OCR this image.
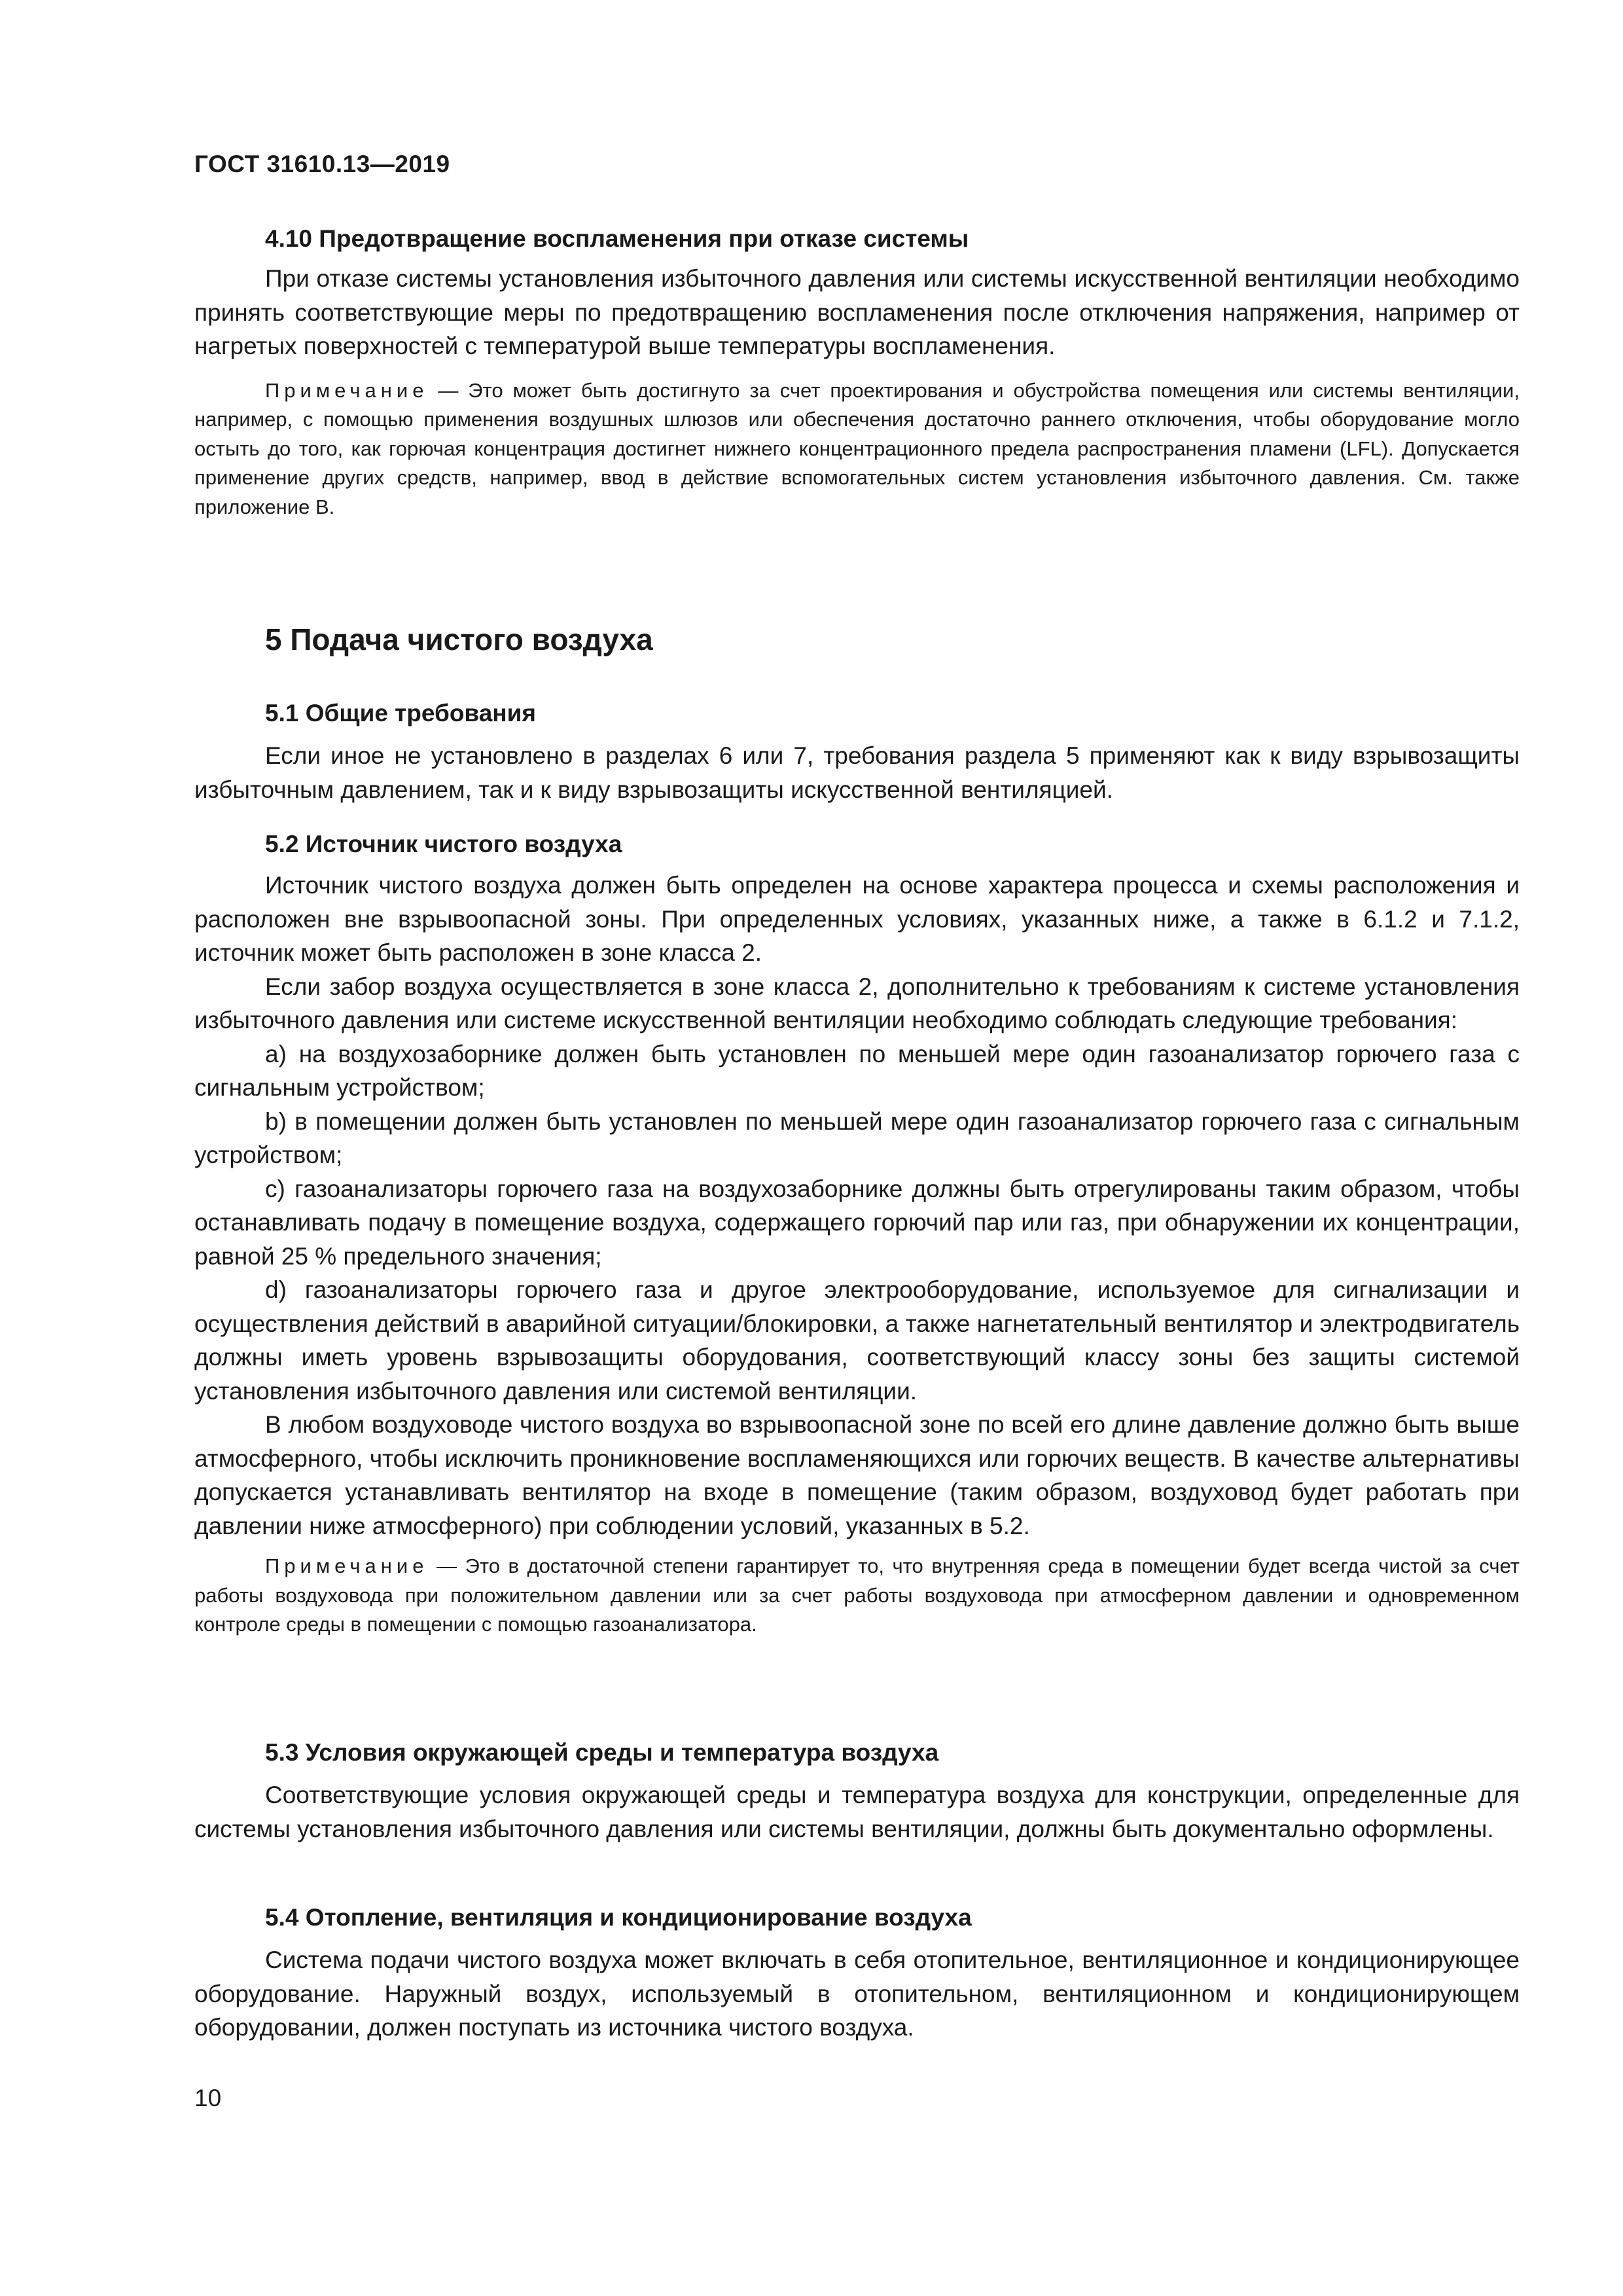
ГОСТ 31610.13—2019
4.10 Предотвращение воспламенения при отказе системы

При отказе системы установления избыточного давления или системы искусственной вентиляции необходимо принять соответствующие меры по предотвращению воспламенения после отключения напряжения, например от нагретых поверхностей с температурой выше температуры воспламенения.

Примечание — Это может быть достигнуто за счет проектирования и обустройства помещения или системы вентиляции, например, с помощью применения воздушных шлюзов или обеспечения достаточно раннего отключения, чтобы оборудование могло остыть до того, как горючая концентрация достигнет нижнего концентрационного предела распространения пламени (LFL). Допускается применение других средств, например, ввод в действие вспомогательных систем установления избыточного давления. См. также приложение В.

5 Подача чистого воздуха
5.1 Общие требования

Если иное не установлено в разделах 6 или 7, требования раздела 5 применяют как к виду взрывозащиты избыточным давлением, так и к виду взрывозащиты искусственной вентиляцией.

5.2 Источник чистого воздуха

Источник чистого воздуха должен быть определен на основе характера процесса и схемы расположения и расположен вне взрывоопасной зоны. При определенных условиях, указанных ниже, а также в 6.1.2 и 7.1.2, источник может быть расположен в зоне класса 2.

Если забор воздуха осуществляется в зоне класса 2, дополнительно к требованиям к системе установления избыточного давления или системе искусственной вентиляции необходимо соблюдать следующие требования:

a) на воздухозаборнике должен быть установлен по меньшей мере один газоанализатор горючего газа с сигнальным устройством;

b) в помещении должен быть установлен по меньшей мере один газоанализатор горючего газа с сигнальным устройством;

c) газоанализаторы горючего газа на воздухозаборнике должны быть отрегулированы таким образом, чтобы останавливать подачу в помещение воздуха, содержащего горючий пар или газ, при обнаружении их концентрации, равной 25 % предельного значения;

d) газоанализаторы горючего газа и другое электрооборудование, используемое для сигнализации и осуществления действий в аварийной ситуации/блокировки, а также нагнетательный вентилятор и электродвигатель должны иметь уровень взрывозащиты оборудования, соответствующий классу зоны без защиты системой установления избыточного давления или системой вентиляции.

В любом воздуховоде чистого воздуха во взрывоопасной зоне по всей его длине давление должно быть выше атмосферного, чтобы исключить проникновение воспламеняющихся или горючих веществ. В качестве альтернативы допускается устанавливать вентилятор на входе в помещение (таким образом, воздуховод будет работать при давлении ниже атмосферного) при соблюдении условий, указанных в 5.2.

Примечание — Это в достаточной степени гарантирует то, что внутренняя среда в помещении будет всегда чистой за счет работы воздуховода при положительном давлении или за счет работы воздуховода при атмосферном давлении и одновременном контроле среды в помещении с помощью газоанализатора.

5.3 Условия окружающей среды и температура воздуха

Соответствующие условия окружающей среды и температура воздуха для конструкции, определенные для системы установления избыточного давления или системы вентиляции, должны быть документально оформлены.

5.4 Отопление, вентиляция и кондиционирование воздуха

Система подачи чистого воздуха может включать в себя отопительное, вентиляционное и кондиционирующее оборудование. Наружный воздух, используемый в отопительном, вентиляционном и кондиционирующем оборудовании, должен поступать из источника чистого воздуха.

10
